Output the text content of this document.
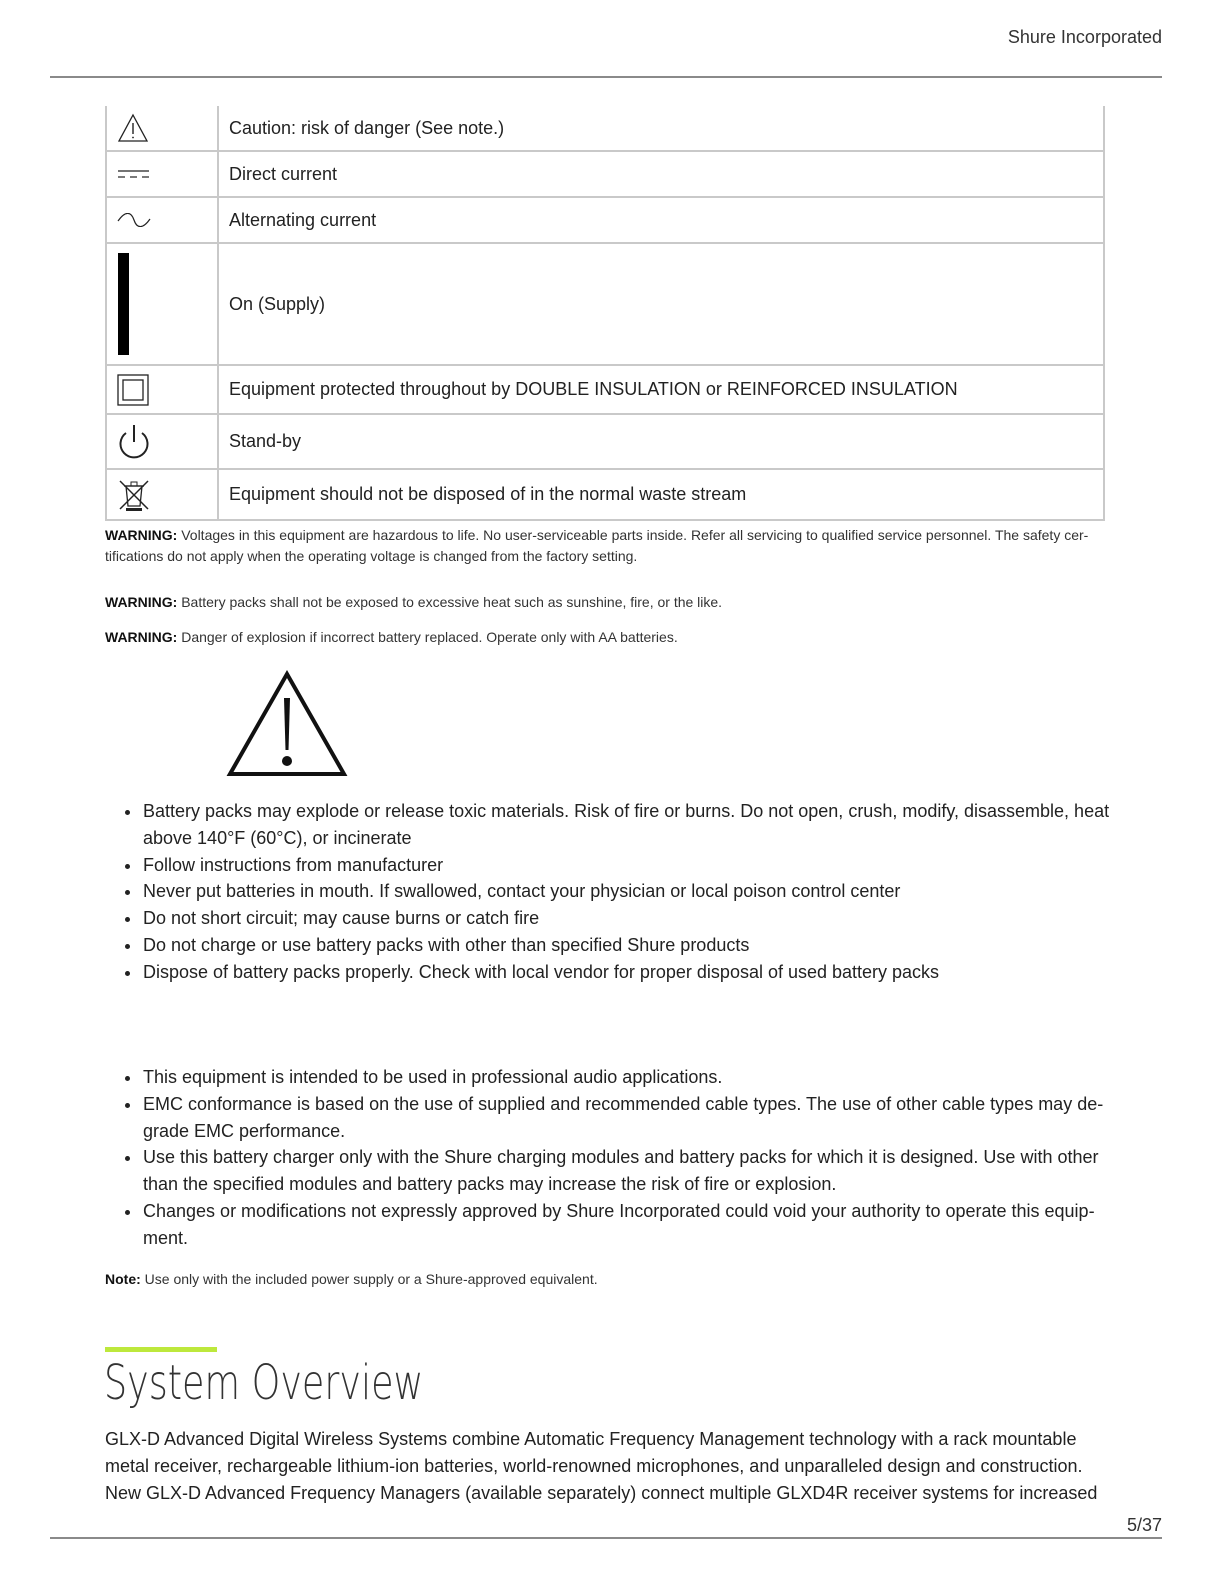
Shure Incorporated
	Caution: risk of danger (See note.)

	Direct current

	Alternating current

	On (Supply)

	Equipment protected throughout by DOUBLE INSULATION or REINFORCED INSULATION

	Stand-by

	Equipment should not be disposed of in the normal waste stream

WARNING: Voltages in this equipment are hazardous to life. No user-serviceable parts inside. Refer all servicing to qualified service personnel. The safety certifications do not apply when the operating voltage is changed from the factory setting.

WARNING: Battery packs shall not be exposed to excessive heat such as sunshine, fire, or the like.

WARNING: Danger of explosion if incorrect battery replaced. Operate only with AA batteries.

• Battery packs may explode or release toxic materials. Risk of fire or burns. Do not open, crush, modify, disassemble, heat above 140°F (60°C), or incinerate
• Follow instructions from manufacturer
• Never put batteries in mouth. If swallowed, contact your physician or local poison control center
• Do not short circuit; may cause burns or catch fire
• Do not charge or use battery packs with other than specified Shure products
• Dispose of battery packs properly. Check with local vendor for proper disposal of used battery packs
• This equipment is intended to be used in professional audio applications.
• EMC conformance is based on the use of supplied and recommended cable types. The use of other cable types may degrade EMC performance.
• Use this battery charger only with the Shure charging modules and battery packs for which it is designed. Use with other than the specified modules and battery packs may increase the risk of fire or explosion.
• Changes or modifications not expressly approved by Shure Incorporated could void your authority to operate this equipment.

Note: Use only with the included power supply or a Shure-approved equivalent.

System Overview

GLX-D Advanced Digital Wireless Systems combine Automatic Frequency Management technology with a rack mountable metal receiver, rechargeable lithium-ion batteries, world-renowned microphones, and unparalleled design and construction. New GLX-D Advanced Frequency Managers (available separately) connect multiple GLXD4R receiver systems for increased

5/37
